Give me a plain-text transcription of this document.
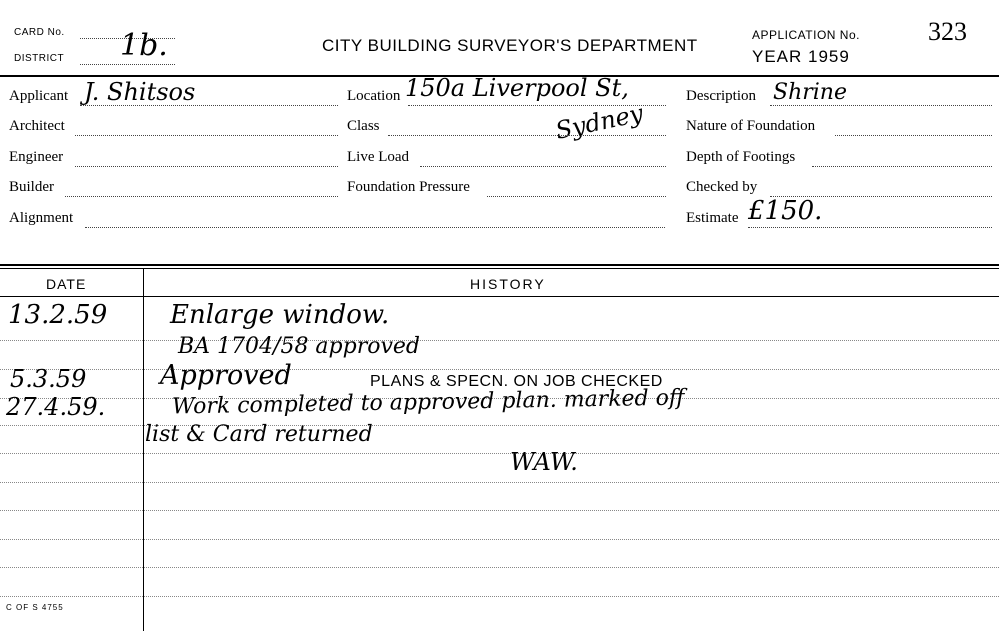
CARD No.
DISTRICT 1b.	CITY BUILDING SURVEYOR'S DEPARTMENT
APPLICATION No.	323
YEAR 1959
Applicant J. Shitsos
Architect
Engineer
Builder
Alignment
Location 150a Liverpool St,
Sydney
Class
Live Load
Foundation Pressure
Description Shrine
Nature of Foundation
Depth of Footings
Checked by
Estimate £150.
DATE	HISTORY
13.2.59 Enlarge window.
BA 1704/58 approved
5.3.59	Approved	PLANS & SPECN. ON JOB CHECKED
27.4.59.	Work completed to approved plan. marked off
list & Card returned
WAW.
C OF S 4755
